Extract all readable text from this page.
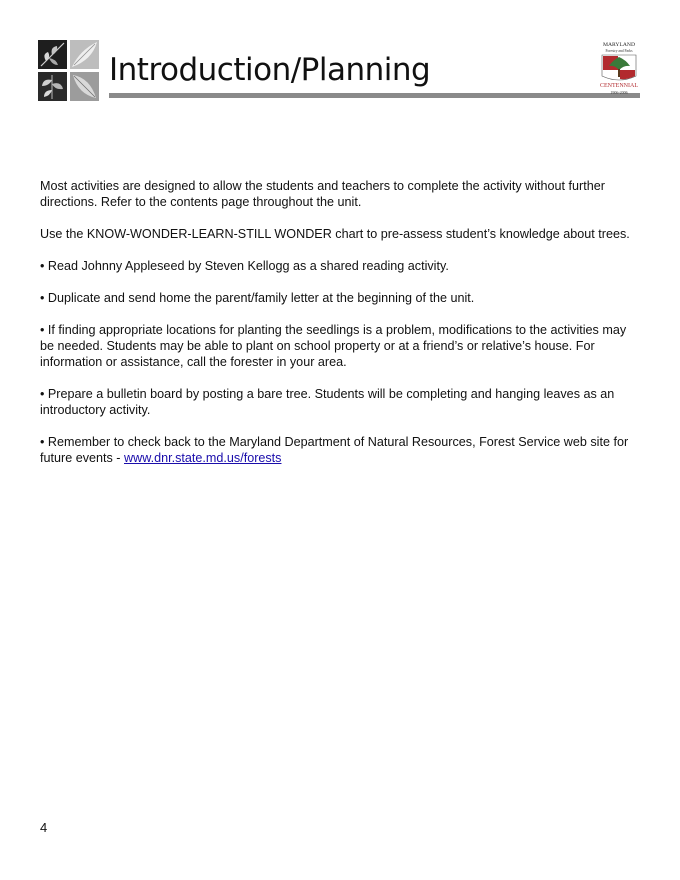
Introduction/Planning
MARYLAND
Forestry and Parks
CENTENNIAL
1906-2006

Most activities are designed to allow the students and teachers to complete the activity without further directions. Refer to the contents page throughout the unit.

Use the KNOW-WONDER-LEARN-STILL WONDER chart to pre-assess student’s knowledge about trees.

• Read Johnny Appleseed by Steven Kellogg as a shared reading activity.

• Duplicate and send home the parent/family letter at the beginning of the unit.

• If finding appropriate locations for planting the seedlings is a problem, modifications to the activities may be needed. Students may be able to plant on school property or at a friend’s or relative’s house. For information or assistance, call the forester in your area.

• Prepare a bulletin board by posting a bare tree. Students will be completing and hanging leaves as an introductory activity.

• Remember to check back to the Maryland Department of Natural Resources, Forest Service web site for future events - www.dnr.state.md.us/forests

4
